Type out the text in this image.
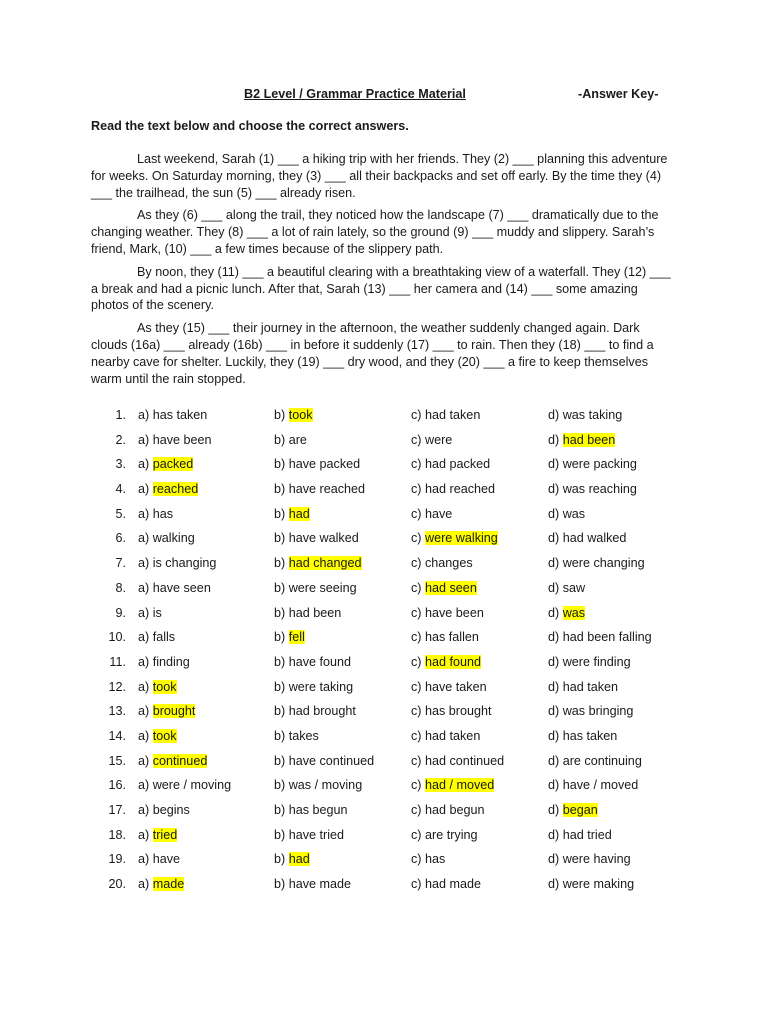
B2 Level / Grammar Practice Material	-Answer Key-
Read the text below and choose the correct answers.

Last weekend, Sarah (1) ___ a hiking trip with her friends. They (2) ___ planning this adventure for weeks. On Saturday morning, they (3) ___ all their backpacks and set off early. By the time they (4) ___ the trailhead, the sun (5) ___ already risen.

As they (6) ___ along the trail, they noticed how the landscape (7) ___ dramatically due to the changing weather. They (8) ___ a lot of rain lately, so the ground (9) ___ muddy and slippery. Sarah’s friend, Mark, (10) ___ a few times because of the slippery path.

By noon, they (11) ___ a beautiful clearing with a breathtaking view of a waterfall. They (12) ___ a break and had a picnic lunch. After that, Sarah (13) ___ her camera and (14) ___ some amazing photos of the scenery.

As they (15) ___ their journey in the afternoon, the weather suddenly changed again. Dark clouds (16a) ___ already (16b) ___ in before it suddenly (17) ___ to rain. Then they (18) ___ to find a nearby cave for shelter. Luckily, they (19) ___ dry wood, and they (20) ___ a fire to keep themselves warm until the rain stopped.

1. a) has taken	b) took	c) had taken	d) was taking
2. a) have been	b) are	c) were	d) had been
3. a) packed	b) have packed	c) had packed	d) were packing
4. a) reached	b) have reached	c) had reached	d) was reaching
5. a) has	b) had	c) have	d) was
6. a) walking	b) have walked	c) were walking	d) had walked
7. a) is changing	b) had changed	c) changes	d) were changing
8. a) have seen	b) were seeing	c) had seen	d) saw
9. a) is	b) had been	c) have been	d) was
10. a) falls	b) fell	c) has fallen	d) had been falling
11. a) finding	b) have found	c) had found	d) were finding
12. a) took	b) were taking	c) have taken	d) had taken
13. a) brought	b) had brought	c) has brought	d) was bringing
14. a) took	b) takes	c) had taken	d) has taken
15. a) continued	b) have continued	c) had continued	d) are continuing
16. a) were / moving	b) was / moving	c) had / moved	d) have / moved
17. a) begins	b) has begun	c) had begun	d) began
18. a) tried	b) have tried	c) are trying	d) had tried
19. a) have	b) had	c) has	d) were having
20. a) made	b) have made	c) had made	d) were making
